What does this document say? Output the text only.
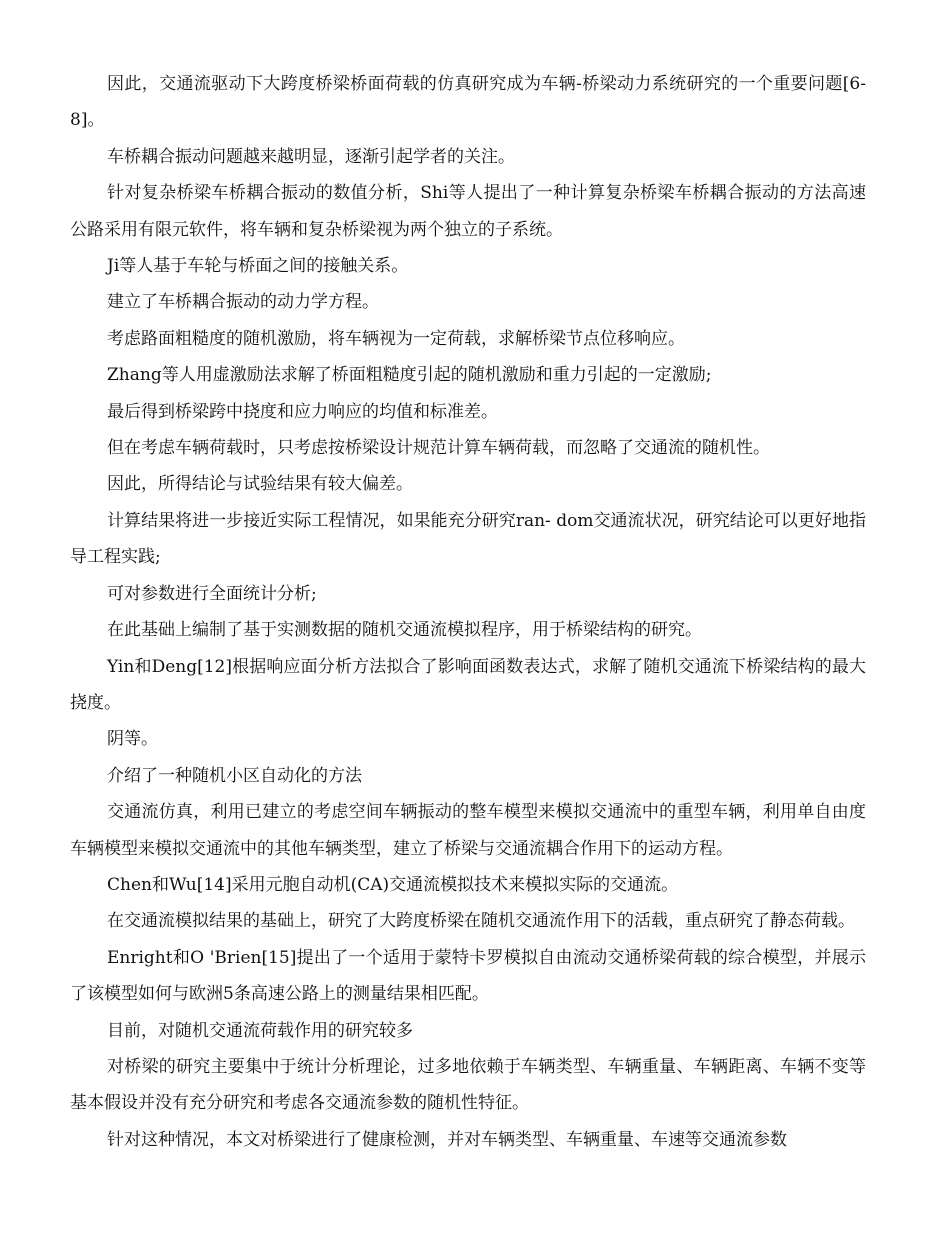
因此，交通流驱动下大跨度桥梁桥面荷载的仿真研究成为车辆-桥梁动力系统研究的一个重要问题[6-8]。

车桥耦合振动问题越来越明显，逐渐引起学者的关注。

针对复杂桥梁车桥耦合振动的数值分析，Shi等人提出了一种计算复杂桥梁车桥耦合振动的方法高速公路采用有限元软件，将车辆和复杂桥梁视为两个独立的子系统。

Ji等人基于车轮与桥面之间的接触关系。

建立了车桥耦合振动的动力学方程。

考虑路面粗糙度的随机激励，将车辆视为一定荷载，求解桥梁节点位移响应。

Zhang等人用虚激励法求解了桥面粗糙度引起的随机激励和重力引起的一定激励;

最后得到桥梁跨中挠度和应力响应的均值和标准差。

但在考虑车辆荷载时，只考虑按桥梁设计规范计算车辆荷载，而忽略了交通流的随机性。

因此，所得结论与试验结果有较大偏差。

计算结果将进一步接近实际工程情况，如果能充分研究ran- dom交通流状况，研究结论可以更好地指导工程实践;

可对参数进行全面统计分析;

在此基础上编制了基于实测数据的随机交通流模拟程序，用于桥梁结构的研究。

Yin和Deng[12]根据响应面分析方法拟合了影响面函数表达式，求解了随机交通流下桥梁结构的最大挠度。

阴等。

介绍了一种随机小区自动化的方法

交通流仿真，利用已建立的考虑空间车辆振动的整车模型来模拟交通流中的重型车辆，利用单自由度车辆模型来模拟交通流中的其他车辆类型，建立了桥梁与交通流耦合作用下的运动方程。

Chen和Wu[14]采用元胞自动机(CA)交通流模拟技术来模拟实际的交通流。

在交通流模拟结果的基础上，研究了大跨度桥梁在随机交通流作用下的活载，重点研究了静态荷载。

Enright和O 'Brien[15]提出了一个适用于蒙特卡罗模拟自由流动交通桥梁荷载的综合模型，并展示了该模型如何与欧洲5条高速公路上的测量结果相匹配。

目前，对随机交通流荷载作用的研究较多

对桥梁的研究主要集中于统计分析理论，过多地依赖于车辆类型、车辆重量、车辆距离、车辆不变等基本假设并没有充分研究和考虑各交通流参数的随机性特征。

针对这种情况，本文对桥梁进行了健康检测，并对车辆类型、车辆重量、车速等交通流参数
